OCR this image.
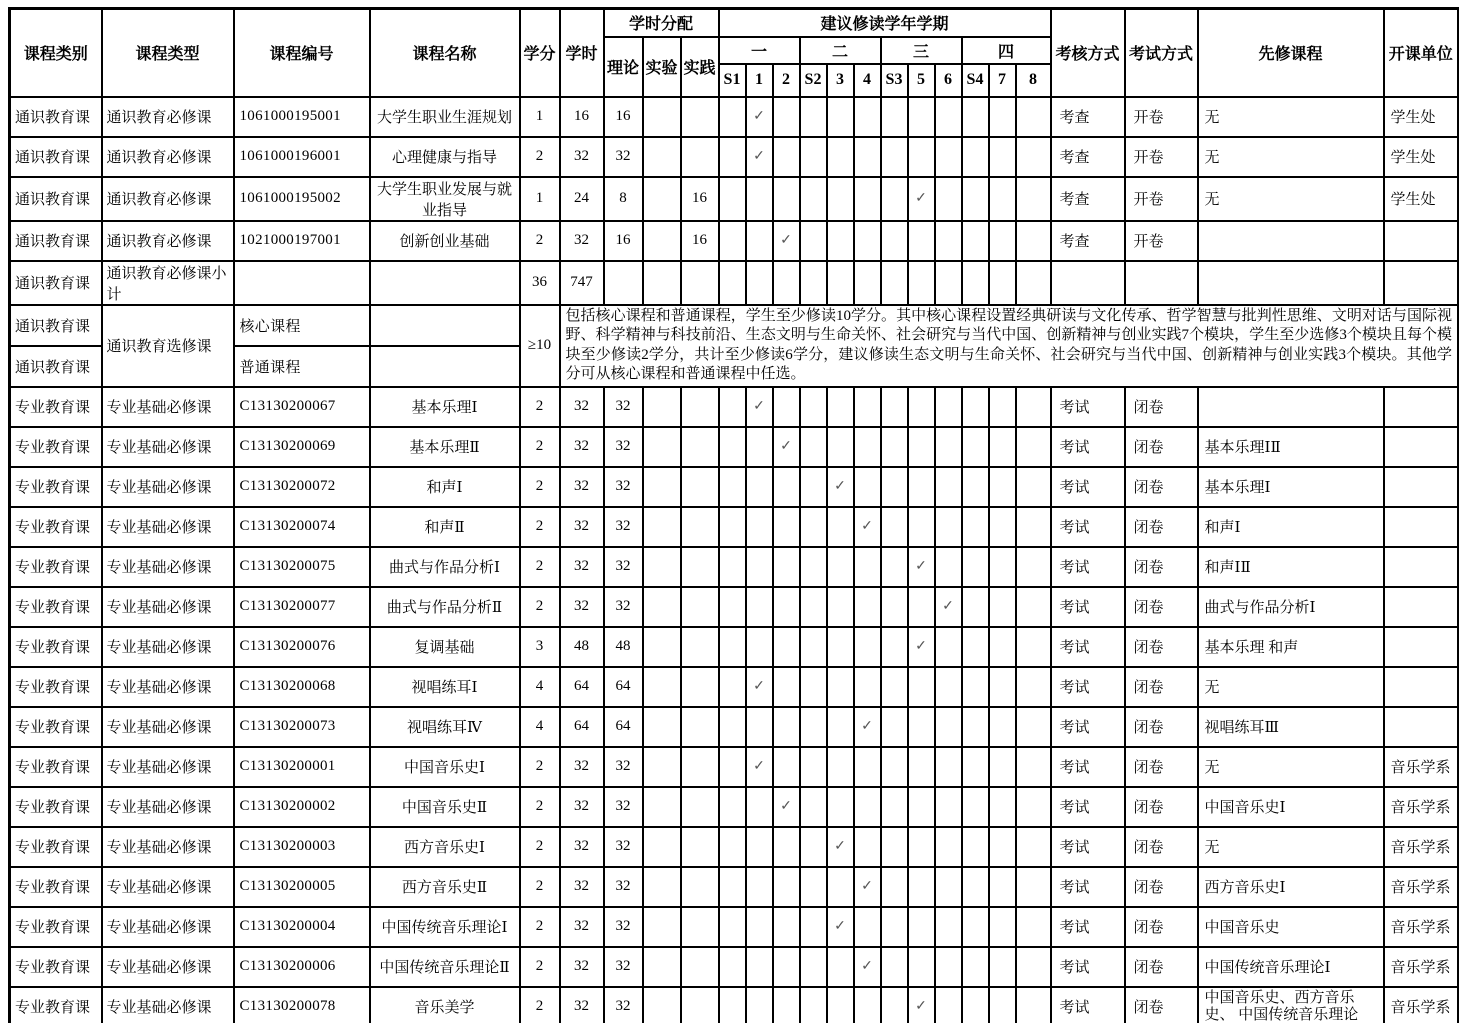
课程类别	课程类型	课程编号	课程名称	学分	学时	学时分配			建议修读学年学期												考核方式	考试方式	先修课程	开课单位
						理论	实验	实践	一			二			三			四						
									S1	1	2	S2	3	4	S3	5	6	S4	7	8				
通识教育课	通识教育必修课	1061000195001	大学生职业生涯规划	1	16	16				✓											考查	开卷	无	学生处
通识教育课	通识教育必修课	1061000196001	心理健康与指导	2	32	32				✓											考查	开卷	无	学生处
通识教育课	通识教育必修课	1061000195002	大学生职业发展与就业指导	1	24	8		16								✓					考查	开卷	无	学生处
通识教育课	通识教育必修课	1021000197001	创新创业基础	2	32	16		16			✓										考查	开卷		
通识教育课	通识教育必修课小计			36	747																			
通识教育课	通识教育选修课	核心课程		≥10	包括核心课程和普通课程，学生至少修读10学分。其中核心课程设置经典研读与文化传承、哲学智慧与批判性思维、文明对话与国际视野、科学精神与科技前沿、生态文明与生命关怀、社会研究与当代中国、创新精神与创业实践7个模块，学生至少选修3个模块且每个模块至少修读2学分，共计至少修读6学分，建议修读生态文明与生命关怀、社会研究与当代中国、创新精神与创业实践3个模块。其他学分可从核心课程和普通课程中任选。																			
通识教育课		普通课程																						
专业教育课	专业基础必修课	C13130200067	基本乐理Ⅰ	2	32	32				✓											考试	闭卷		
专业教育课	专业基础必修课	C13130200069	基本乐理Ⅱ	2	32	32					✓										考试	闭卷	基本乐理ⅠⅡ	
专业教育课	专业基础必修课	C13130200072	和声Ⅰ	2	32	32							✓								考试	闭卷	基本乐理Ⅰ	
专业教育课	专业基础必修课	C13130200074	和声Ⅱ	2	32	32								✓							考试	闭卷	和声Ⅰ	
专业教育课	专业基础必修课	C13130200075	曲式与作品分析Ⅰ	2	32	32										✓					考试	闭卷	和声ⅠⅡ	
专业教育课	专业基础必修课	C13130200077	曲式与作品分析Ⅱ	2	32	32											✓				考试	闭卷	曲式与作品分析Ⅰ	
专业教育课	专业基础必修课	C13130200076	复调基础	3	48	48										✓					考试	闭卷	基本乐理 和声	
专业教育课	专业基础必修课	C13130200068	视唱练耳Ⅰ	4	64	64				✓											考试	闭卷	无	
专业教育课	专业基础必修课	C13130200073	视唱练耳Ⅳ	4	64	64								✓							考试	闭卷	视唱练耳Ⅲ	
专业教育课	专业基础必修课	C13130200001	中国音乐史Ⅰ	2	32	32				✓											考试	闭卷	无	音乐学系
专业教育课	专业基础必修课	C13130200002	中国音乐史Ⅱ	2	32	32					✓										考试	闭卷	中国音乐史Ⅰ	音乐学系
专业教育课	专业基础必修课	C13130200003	西方音乐史Ⅰ	2	32	32							✓								考试	闭卷	无	音乐学系
专业教育课	专业基础必修课	C13130200005	西方音乐史Ⅱ	2	32	32								✓							考试	闭卷	西方音乐史Ⅰ	音乐学系
专业教育课	专业基础必修课	C13130200004	中国传统音乐理论Ⅰ	2	32	32							✓								考试	闭卷	中国音乐史	音乐学系
专业教育课	专业基础必修课	C13130200006	中国传统音乐理论Ⅱ	2	32	32								✓							考试	闭卷	中国传统音乐理论Ⅰ	音乐学系
专业教育课	专业基础必修课	C13130200078	音乐美学	2	32	32										✓					考试	闭卷	中国音乐史、西方音乐史、 中国传统音乐理论	音乐学系
